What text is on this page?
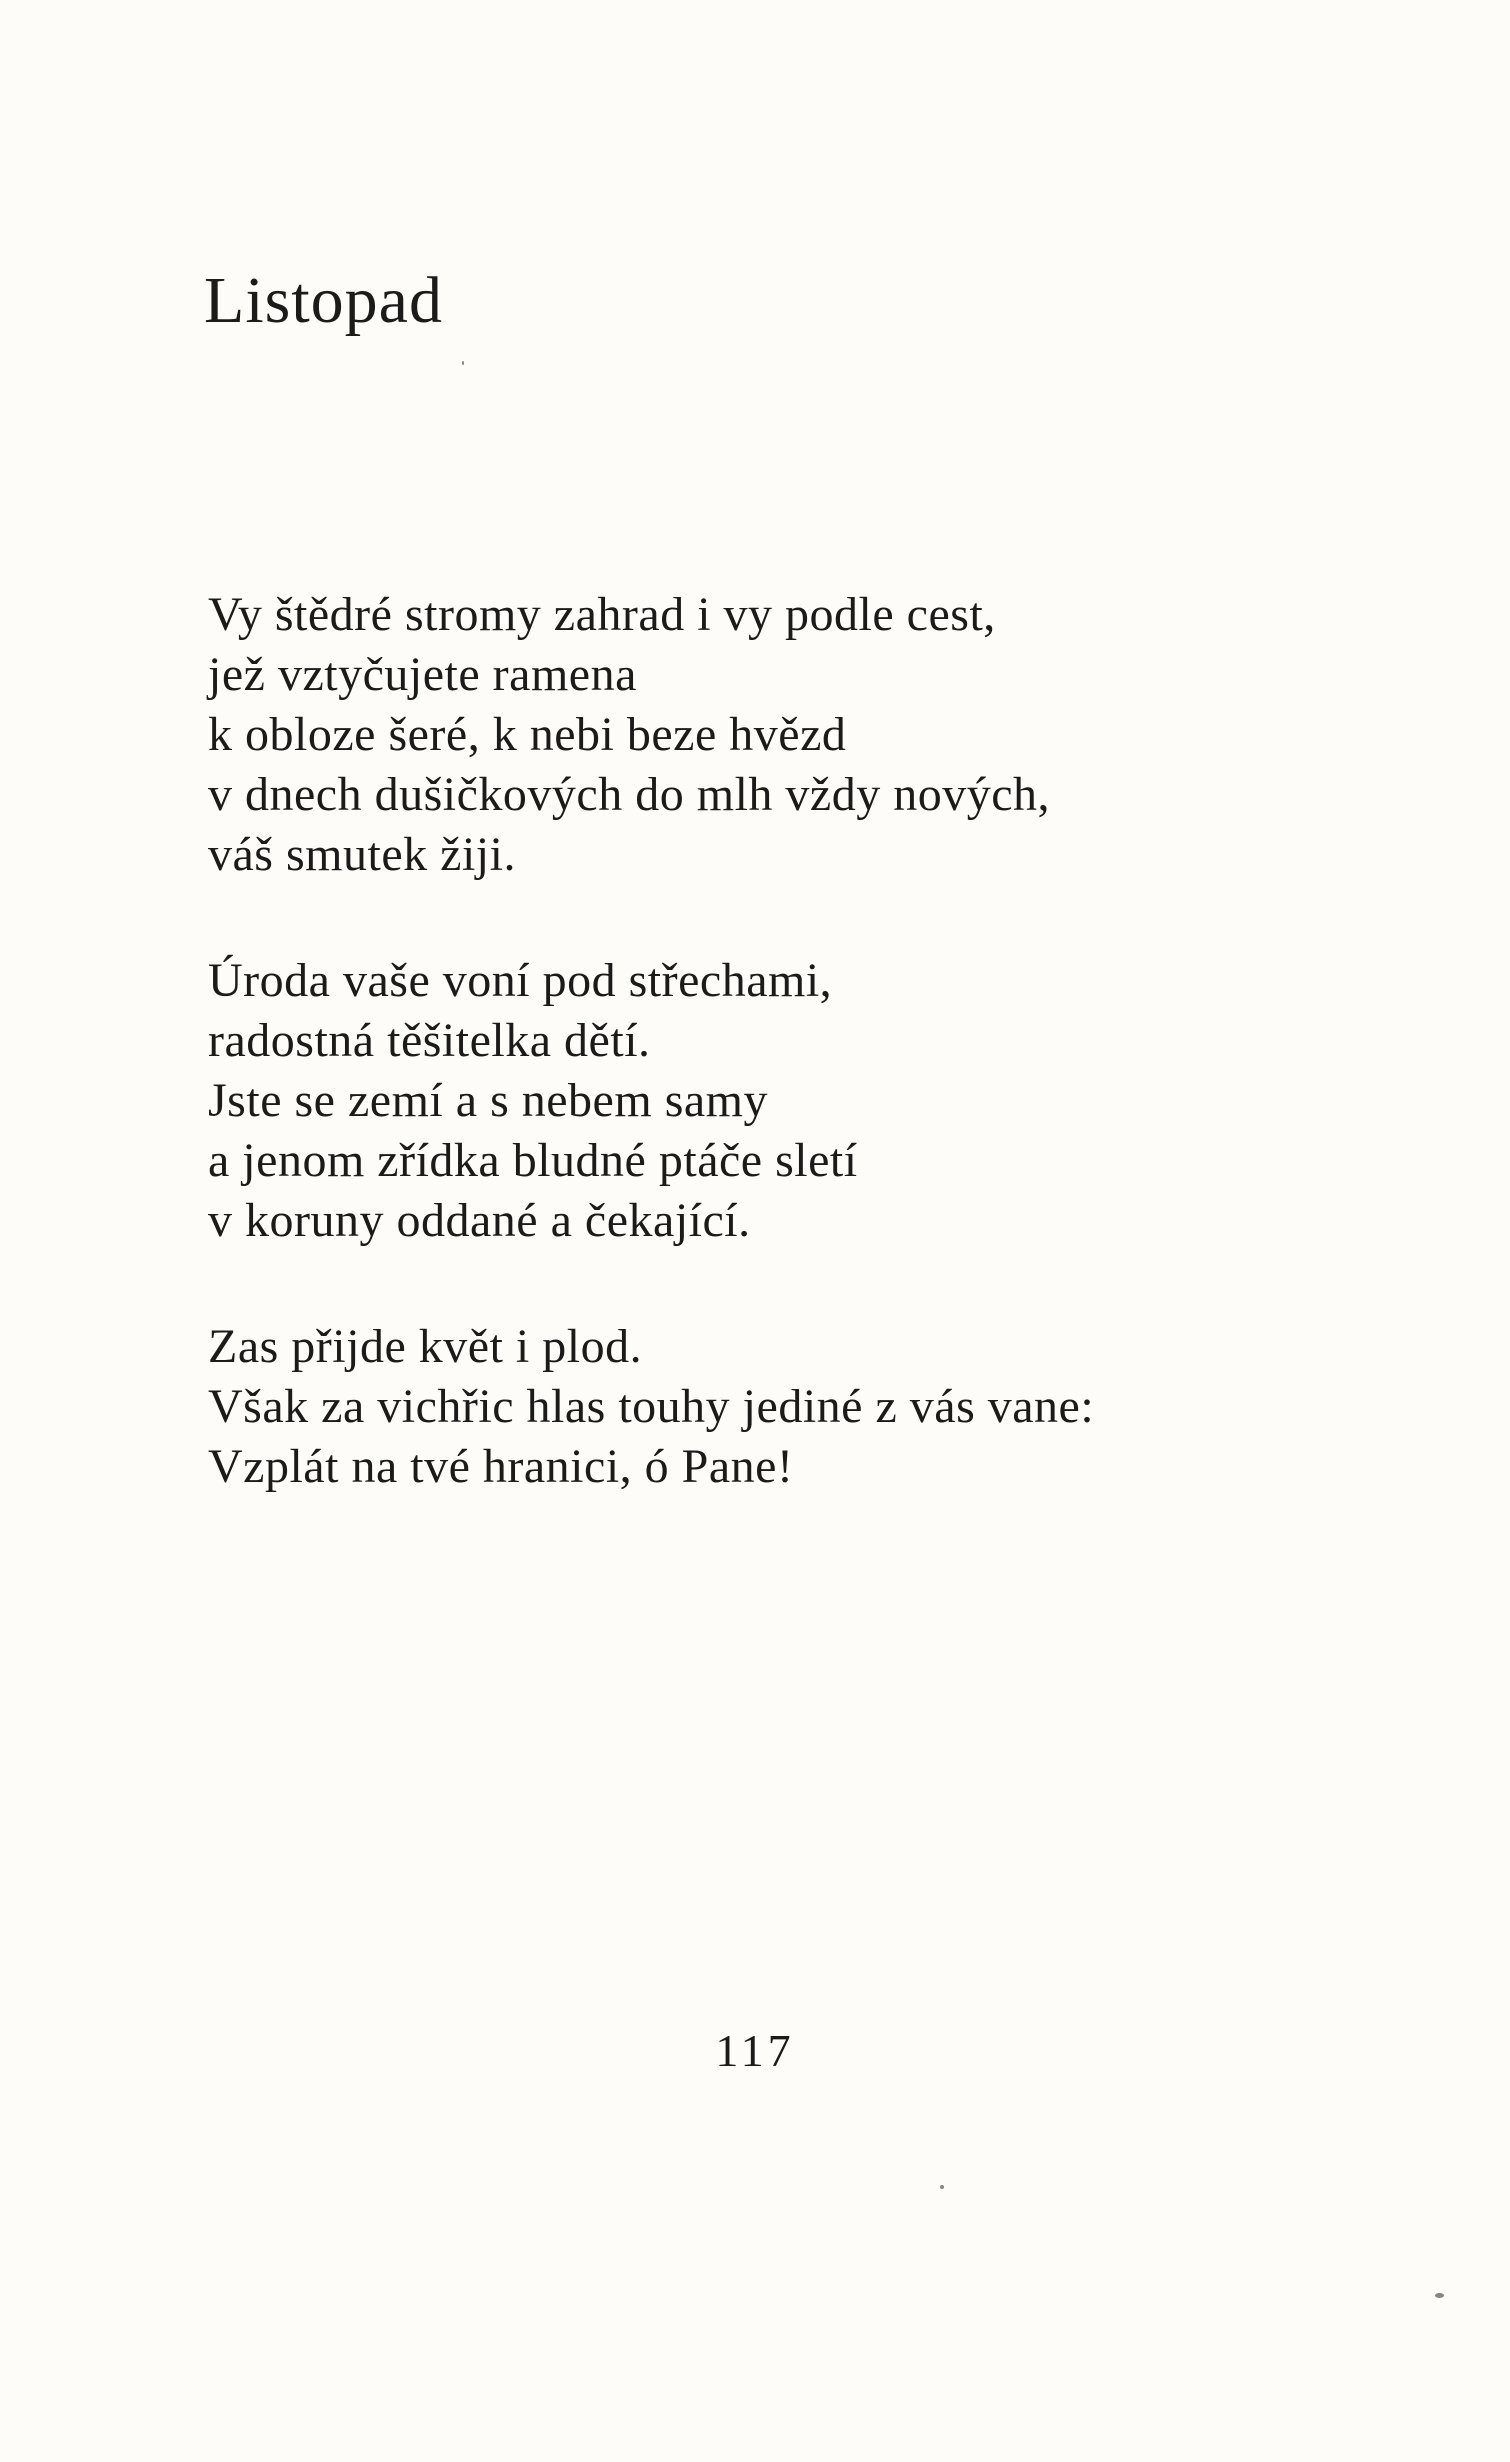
Listopad
Vy štědré stromy zahrad i vy podle cest,
jež vztyčujete ramena
k obloze šeré, k nebi beze hvězd
v dnech dušičkových do mlh vždy nových,
váš smutek žiji.
Úroda vaše voní pod střechami,
radostná těšitelka dětí.
Jste se zemí a s nebem samy
a jenom zřídka bludné ptáče sletí
v koruny oddané a čekající.
Zas přijde květ i plod.
Však za vichřic hlas touhy jediné z vás vane:
Vzplát na tvé hranici, ó Pane!
117
